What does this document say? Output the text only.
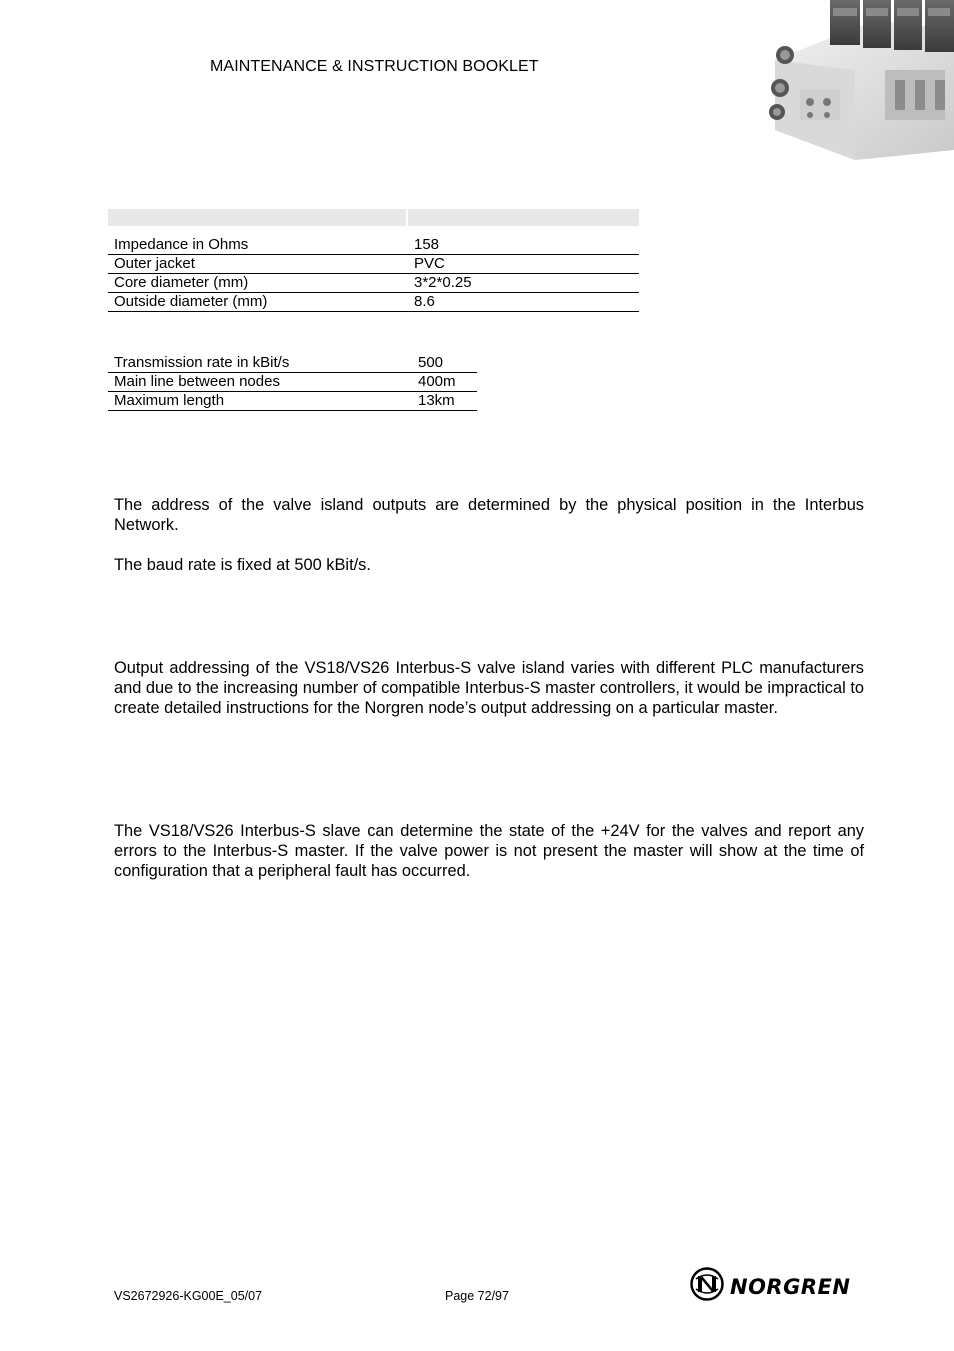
MAINTENANCE & INSTRUCTION BOOKLET

Impedance in Ohms		158
Outer jacket		PVC
Core diameter (mm)		3*2*0.25
Outside diameter (mm)		8.6
Transmission rate in kBit/s	500
Main line between nodes	400m
Maximum length	13km
The address of the valve island outputs are determined by the physical position in the Interbus Network.
The baud rate is fixed at 500 kBit/s.
Output addressing of the VS18/VS26 Interbus-S valve island varies with different PLC manufacturers and due to the increasing number of compatible Interbus-S master controllers, it would be impractical to create detailed instructions for the Norgren node’s output addressing on a particular master.
The VS18/VS26 Interbus-S slave can determine the state of the +24V for the valves and report any errors to the Interbus-S master. If the valve power is not present the master will show at the time of configuration that a peripheral fault has occurred.
VS2672926-KG00E_05/07	Page 72/97	NORGREN
